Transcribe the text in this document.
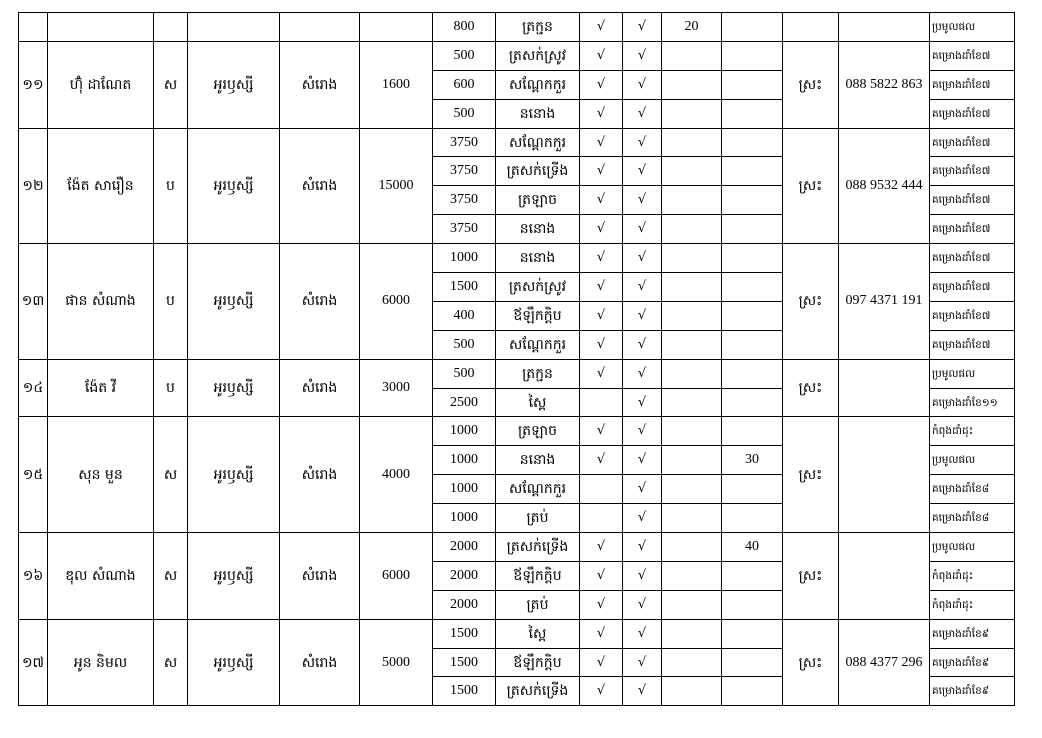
						800	ត្រក្ជន	√	√	20				ប្រមូលផល
១១	ហ៊ុំ ដាណែត	ស	អូរឫស្សី	សំរោង	1600	500	ត្រសក់ស្រូវ	√	√			ស្រះ	088 5822 863	គម្រោងដាំខែ៧
						600	សណ្ដែកកួរ	√	√					គម្រោងដាំខែ៧
						500	ននោង	√	√					គម្រោងដាំខែ៧
១២	ង៉ែត សារឿន	ប	អូរឫស្សី	សំរោង	15000	3750	សណ្ដែកកួរ	√	√			ស្រះ	088 9532 444	គម្រោងដាំខែ៧
						3750	ត្រសក់ទ្រើង	√	√					គម្រោងដាំខែ៧
						3750	ត្រឡាច	√	√					គម្រោងដាំខែ៧
						3750	ននោង	√	√					គម្រោងដាំខែ៧
១៣	ផាន សំណាង	ប	អូរឫស្សី	សំរោង	6000	1000	ននោង	√	√			ស្រះ	097 4371 191	គម្រោងដាំខែ៧
						1500	ត្រសក់ស្រូវ	√	√					គម្រោងដាំខែ៧
						400	ឪឡឹកក្តិប	√	√					គម្រោងដាំខែ៧
						500	សណ្ដែកកួរ	√	√					គម្រោងដាំខែ៧
១៤	ង៉ែត វី	ប	អូរឫស្សី	សំរោង	3000	500	ត្រក្ជន	√	√			ស្រះ		ប្រមូលផល
						2500	ស្ពៃ		√					គម្រោងដាំខែ១១
១៥	សុន មួន	ស	អូរឫស្សី	សំរោង	4000	1000	ត្រឡាច	√	√			ស្រះ		កំពុងដាំដុះ
						1000	ននោង	√	√		30			ប្រមូលផល
						1000	សណ្ដែកកួរ		√					គម្រោងដាំខែ៨
						1000	ត្រប់		√					គម្រោងដាំខែ៨
១៦	ឌុល សំណាង	ស	អូរឫស្សី	សំរោង	6000	2000	ត្រសក់ទ្រើង	√	√		40	ស្រះ		ប្រមូលផល
						2000	ឪឡឹកក្តិប	√	√					កំពុងដាំដុះ
						2000	ត្រប់	√	√					កំពុងដាំដុះ
១៧	អូន និមល	ស	អូរឫស្សី	សំរោង	5000	1500	ស្ពៃ	√	√			ស្រះ	088 4377 296	គម្រោងដាំខែ៩
						1500	ឪឡឹកក្តិប	√	√					គម្រោងដាំខែ៩
						1500	ត្រសក់ទ្រើង	√	√					គម្រោងដាំខែ៩
